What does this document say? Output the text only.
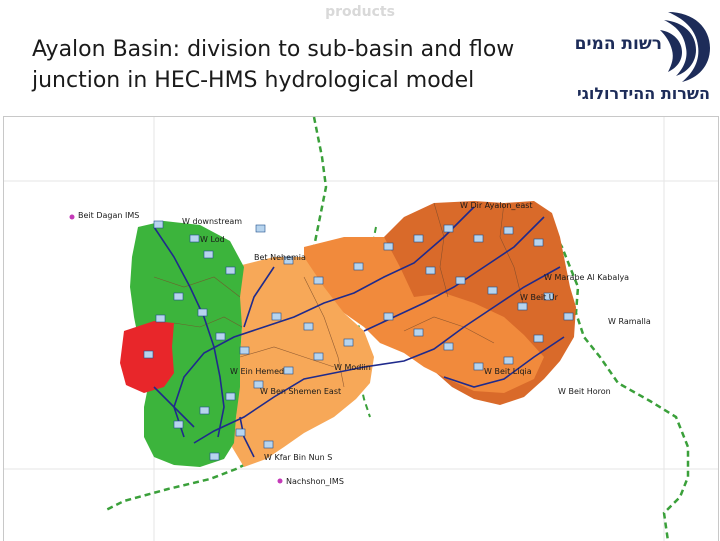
products
Ayalon Basin: division to sub-basin and flow junction in HEC-HMS hydrological model
רשות המים
השרות ההידרולוגי
Beit Dagan IMS
W downstream
W Dir Ayalon_east
W Marabe Al Kabalya
W Ramalla
W Beit Ur
W Modiin
W Lod
Bet Nehemia
W Ben Shemen East
W Ein Hemed
W Kfar Bin Nun S
W Beit Horon
W Beit Liqia
Nachshon_IMS
